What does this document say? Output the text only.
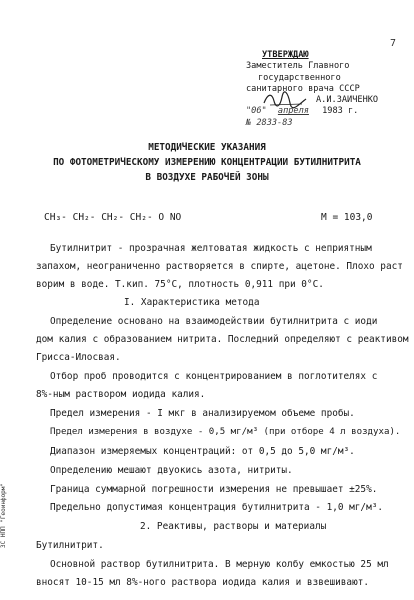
7
УТВЕРЖДАЮ
Заместитель Главного
государственного
санитарного врача СССР
А.И.ЗАИЧЕНКО
"06" апреля 1983 г.
№ 2833-83
МЕТОДИЧЕСКИЕ УКАЗАНИЯ
ПО ФОТОМЕТРИЧЕСКОМУ ИЗМЕРЕНИЮ КОНЦЕНТРАЦИИ БУТИЛНИТРИТА
В ВОЗДУХЕ РАБОЧЕЙ ЗОНЫ
CH₃- CH₂- CH₂- CH₂- O NO	M = 103,0
Бутилнитрит - прозрачная желтоватая жидкость с неприятным
запахом, неограниченно растворяется в спирте, ацетоне. Плохо раст
ворим в воде. Т.кип. 75°С, плотность 0,911 при 0°С.
I. Характеристика метода
Определение основано на взаимодействии бутилнитрита с иоди
дом калия с образованием нитрита. Последний определяют с реактивом
Грисса-Илосвая.
Отбор проб проводится с концентрированием в поглотителях с
8%-ным раствором иодида калия.
Предел измерения - I мкг в анализируемом объеме пробы.
Предел измерения в воздухе - 0,5 мг/м³ (при отборе 4 л воздуха).
Диапазон измеряемых концентраций: от 0,5 до 5,0 мг/м³.
Определению мешают двуокись азота, нитриты.
Граница суммарной погрешности измерения не превышает ±25%.
Предельно допустимая концентрация бутилнитрита - 1,0 мг/м³.
2. Реактивы, растворы и материалы
Бутилнитрит.
Основной раствор бутилнитрита. В мерную колбу емкостью 25 мл
вносят 10-15 мл 8%-ного раствора иодида калия и взвешивают.
ЗС НПП "Геоинформ"
